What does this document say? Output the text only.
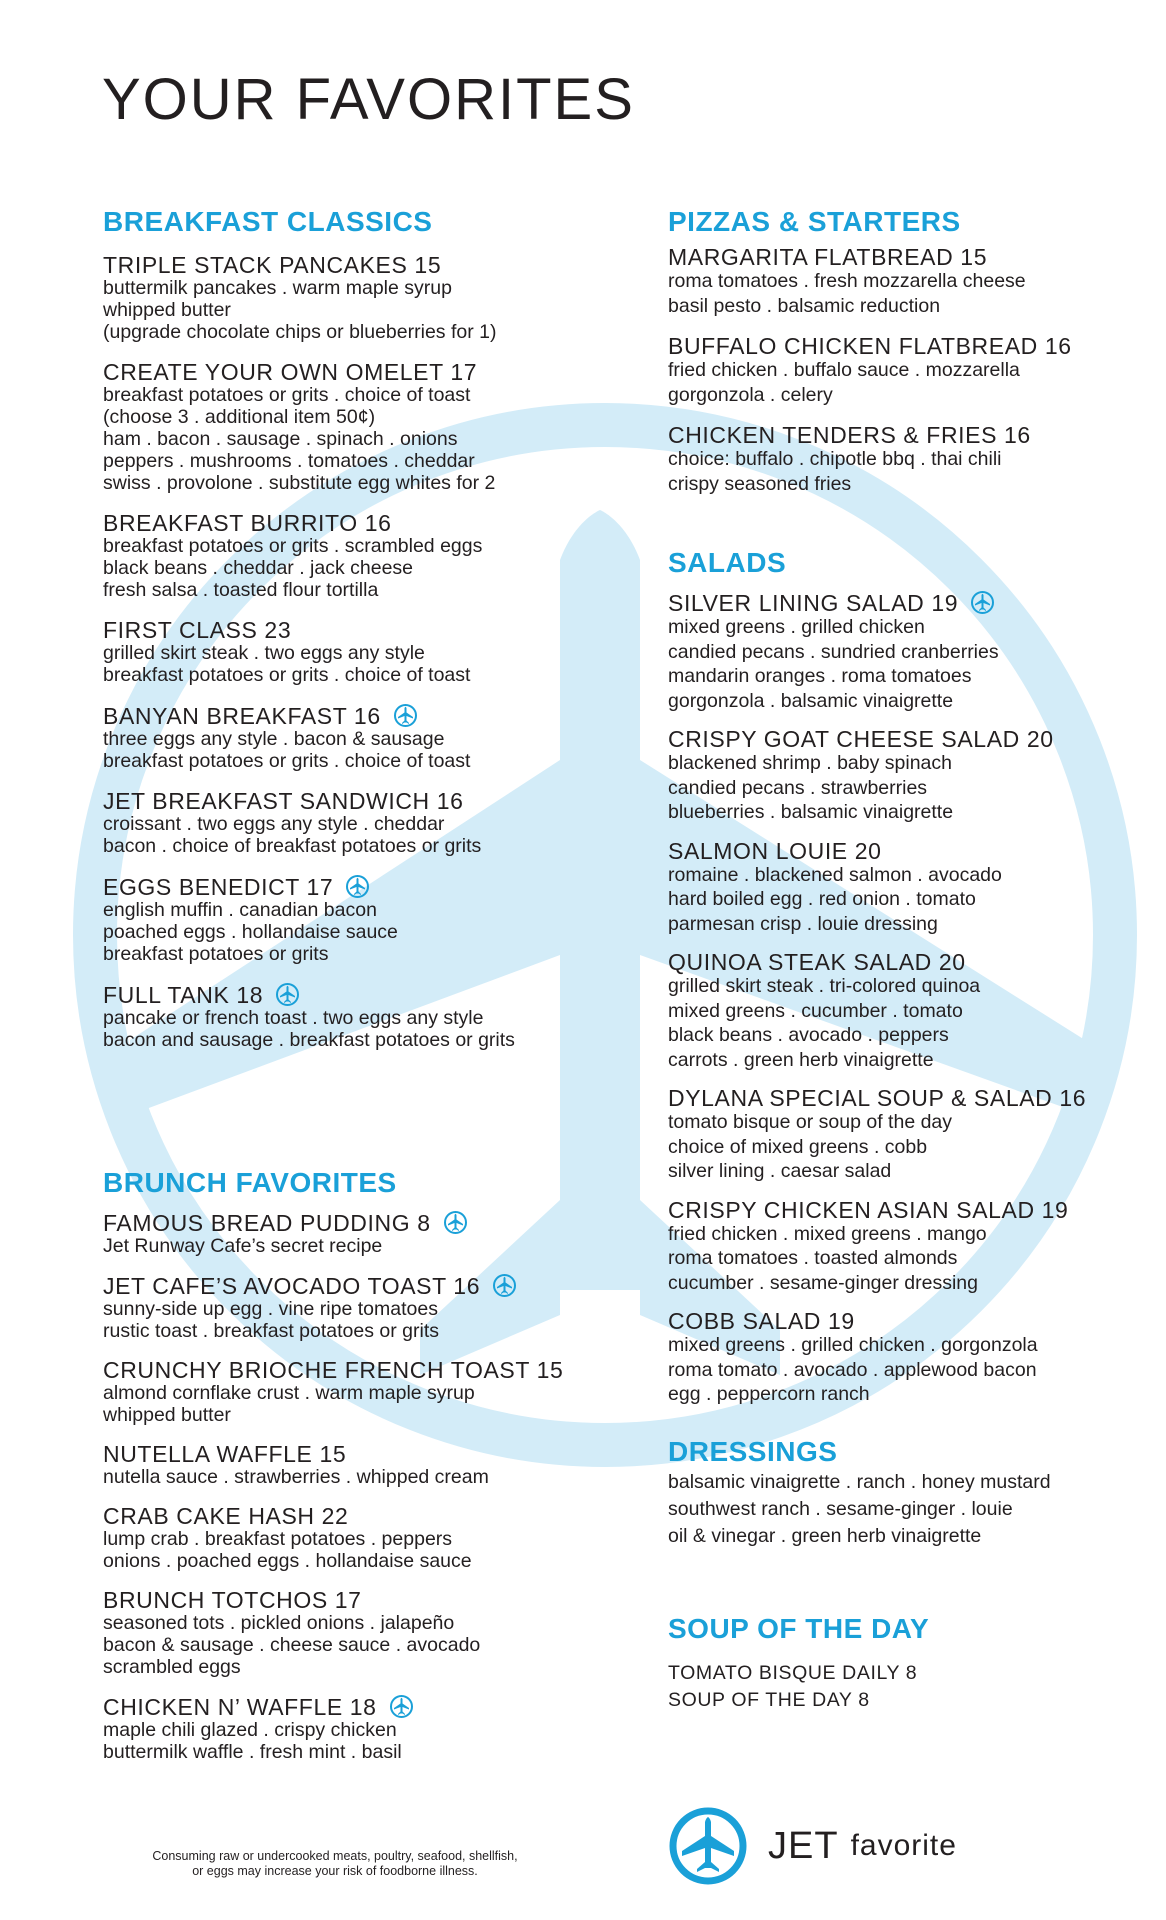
YOUR FAVORITES
BREAKFAST CLASSICS
TRIPLE STACK PANCAKES 15
buttermilk pancakes . warm maple syrup
whipped butter
(upgrade chocolate chips or blueberries for 1)
CREATE YOUR OWN OMELET 17
breakfast potatoes or grits . choice of toast
(choose 3 . additional item 50¢)
ham . bacon . sausage . spinach . onions
peppers . mushrooms . tomatoes . cheddar
swiss . provolone . substitute egg whites for 2
BREAKFAST BURRITO 16
breakfast potatoes or grits . scrambled eggs
black beans . cheddar . jack cheese
fresh salsa . toasted flour tortilla
FIRST CLASS 23
grilled skirt steak . two eggs any style
breakfast potatoes or grits . choice of toast
BANYAN BREAKFAST 16
three eggs any style . bacon & sausage
breakfast potatoes or grits . choice of toast
JET BREAKFAST SANDWICH 16
croissant . two eggs any style . cheddar
bacon . choice of breakfast potatoes or grits
EGGS BENEDICT 17
english muffin . canadian bacon
poached eggs . hollandaise sauce
breakfast potatoes or grits
FULL TANK 18
pancake or french toast . two eggs any style
bacon and sausage . breakfast potatoes or grits
BRUNCH FAVORITES
FAMOUS BREAD PUDDING 8
Jet Runway Cafe’s secret recipe
JET CAFE’S AVOCADO TOAST 16
sunny-side up egg . vine ripe tomatoes
rustic toast . breakfast potatoes or grits
CRUNCHY BRIOCHE FRENCH TOAST 15
almond cornflake crust . warm maple syrup
whipped butter
NUTELLA WAFFLE 15
nutella sauce . strawberries . whipped cream
CRAB CAKE HASH 22
lump crab . breakfast potatoes . peppers
onions . poached eggs . hollandaise sauce
BRUNCH TOTCHOS 17
seasoned tots . pickled onions . jalapeño
bacon & sausage . cheese sauce . avocado
scrambled eggs
CHICKEN N’ WAFFLE 18
maple chili glazed . crispy chicken
buttermilk waffle . fresh mint . basil
PIZZAS & STARTERS
MARGARITA FLATBREAD 15
roma tomatoes . fresh mozzarella cheese
basil pesto . balsamic reduction
BUFFALO CHICKEN FLATBREAD 16
fried chicken . buffalo sauce . mozzarella
gorgonzola . celery
CHICKEN TENDERS & FRIES 16
choice: buffalo . chipotle bbq . thai chili
crispy seasoned fries
SALADS
SILVER LINING SALAD 19
mixed greens . grilled chicken
candied pecans . sundried cranberries
mandarin oranges . roma tomatoes
gorgonzola . balsamic vinaigrette
CRISPY GOAT CHEESE SALAD 20
blackened shrimp . baby spinach
candied pecans . strawberries
blueberries . balsamic vinaigrette
SALMON LOUIE 20
romaine . blackened salmon . avocado
hard boiled egg . red onion . tomato
parmesan crisp . louie dressing
QUINOA STEAK SALAD 20
grilled skirt steak . tri-colored quinoa
mixed greens . cucumber . tomato
black beans . avocado . peppers
carrots . green herb vinaigrette
DYLANA SPECIAL SOUP & SALAD 16
tomato bisque or soup of the day
choice of mixed greens . cobb
silver lining . caesar salad
CRISPY CHICKEN ASIAN SALAD 19
fried chicken . mixed greens . mango
roma tomatoes . toasted almonds
cucumber . sesame-ginger dressing
COBB SALAD 19
mixed greens . grilled chicken . gorgonzola
roma tomato . avocado . applewood bacon
egg . peppercorn ranch
DRESSINGS
balsamic vinaigrette . ranch . honey mustard
southwest ranch . sesame-ginger . louie
oil & vinegar . green herb vinaigrette
SOUP OF THE DAY
TOMATO BISQUE DAILY 8
SOUP OF THE DAY 8
Consuming raw or undercooked meats, poultry, seafood, shellfish,
or eggs may increase your risk of foodborne illness.
JET favorite
